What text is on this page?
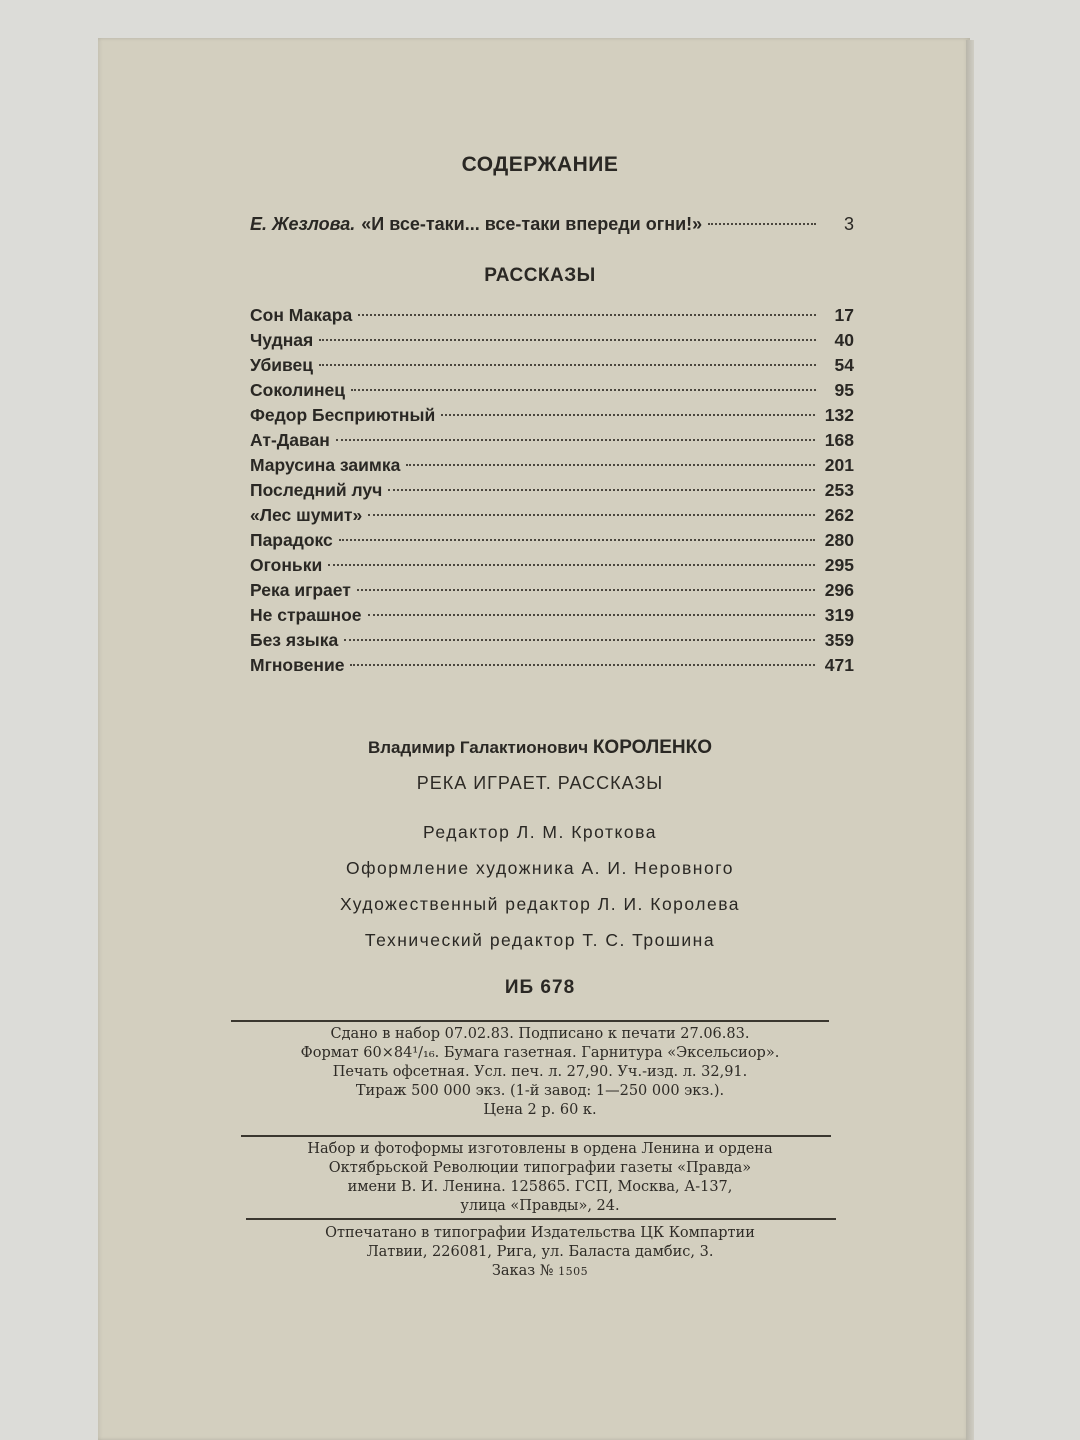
СОДЕРЖАНИЕ
Е. Жезлова. «И все-таки... все-таки впереди огни!»	3
РАССКАЗЫ
Сон Макара	17
Чудная	40
Убивец	54
Соколинец	95
Федор Бесприютный	132
Ат-Даван	168
Марусина заимка	201
Последний луч	253
«Лес шумит»	262
Парадокс	280
Огоньки	295
Река играет	296
Не страшное	319
Без языка	359
Мгновение	471
Владимир Галактионович КОРОЛЕНКО
РЕКА ИГРАЕТ. РАССКАЗЫ
Редактор Л. М. Кроткова
Оформление художника А. И. Неровного
Художественный редактор Л. И. Королева
Технический редактор Т. С. Трошина
ИБ 678
Сдано в набор 07.02.83. Подписано к печати 27.06.83.
Формат 60×84¹/₁₆. Бумага газетная. Гарнитура «Эксельсиор».
Печать офсетная. Усл. печ. л. 27,90. Уч.-изд. л. 32,91.
Тираж 500 000 экз. (1-й завод: 1—250 000 экз.).
Цена 2 р. 60 к.
Набор и фотоформы изготовлены в ордена Ленина и ордена
Октябрьской Революции типографии газеты «Правда»
имени В. И. Ленина. 125865. ГСП, Москва, А-137,
улица «Правды», 24.
Отпечатано в типографии Издательства ЦК Компартии
Латвии, 226081, Рига, ул. Баласта дамбис, 3.
Заказ № 1505
